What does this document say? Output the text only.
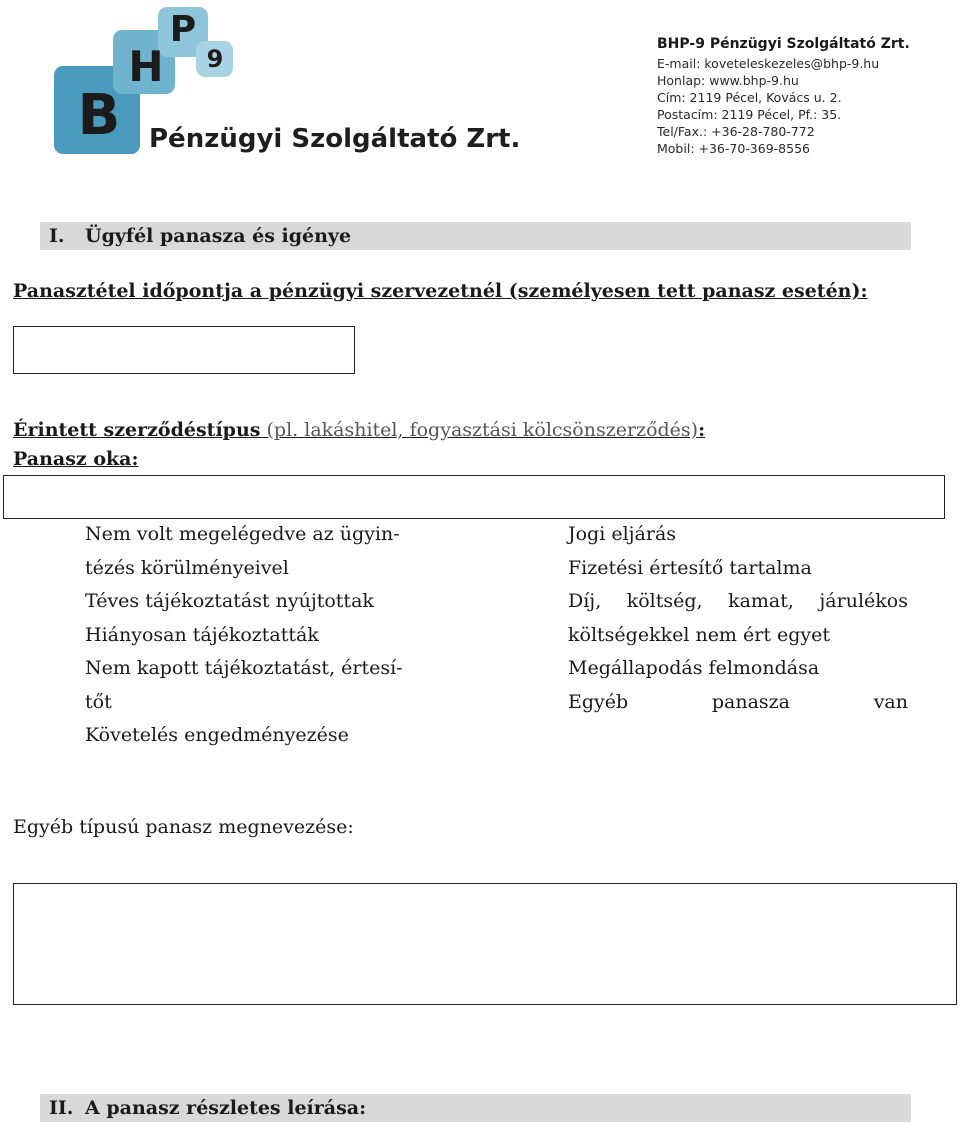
B
H
P
9
Pénzügyi Szolgáltató Zrt.
BHP-9 Pénzügyi Szolgáltató Zrt.
E-mail: koveteleskezeles@bhp-9.hu
Honlap: www.bhp-9.hu
Cím: 2119 Pécel, Kovács u. 2.
Postacím: 2119 Pécel, Pf.: 35.
Tel/Fax.: +36-28-780-772
Mobil: +36-70-369-8556
I. Ügyfél panasza és igénye
Panasztétel időpontja a pénzügyi szervezetnél (személyesen tett panasz esetén):
Érintett szerződéstípus (pl. lakáshitel, fogyasztási kölcsönszerződés):
Panasz oka:
Nem volt megelégedve az ügyin-
tézés körülményeivel
Téves tájékoztatást nyújtottak
Hiányosan tájékoztatták
Nem kapott tájékoztatást, értesí-
tőt
Követelés engedményezése
Jogi eljárás
Fizetési értesítő tartalma
Díj, költség, kamat, járulékos
költségekkel nem ért egyet
Megállapodás felmondása
Egyéb	panasza	van
Egyéb típusú panasz megnevezése:
II. A panasz részletes leírása:
